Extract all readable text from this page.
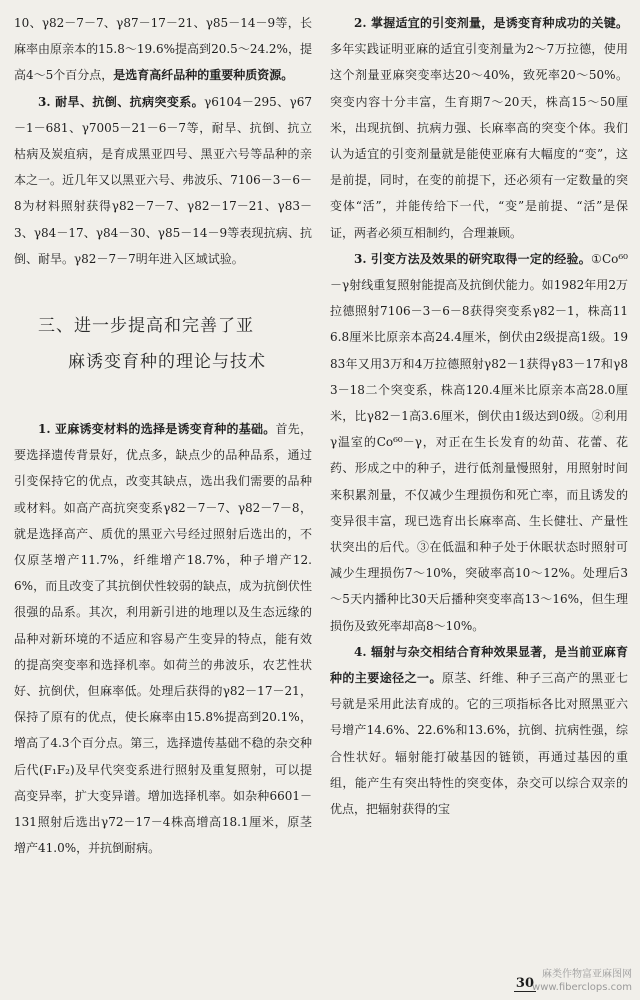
10、γ82－7－7、γ87－17－21、γ85－14－9等，长麻率由原亲本的15.8～19.6%提高到20.5～24.2%，提高4～5个百分点，是选育高纤品种的重要种质资源。

3. 耐旱、抗倒、抗病突变系。γ6104－295、γ67－1－681、γ7005－21－6－7等，耐旱、抗倒、抗立枯病及炭疽病，是育成黑亚四号、黑亚六号等品种的亲本之一。近几年又以黑亚六号、弗波乐、7106－3－6－8为材料照射获得γ82－7－7、γ82－17－21、γ83－3、γ84－17、γ84－30、γ85－14－9等表现抗病、抗倒、耐旱。γ82－7－7明年进入区域试验。

三、进一步提高和完善了亚
麻诱变育种的理论与技术

1. 亚麻诱变材料的选择是诱变育种的基础。首先，要选择遗传背景好，优点多，缺点少的品种品系，通过引变保持它的优点，改变其缺点，选出我们需要的品种或材料。如高产高抗突变系γ82－7－7、γ82－7－8，就是选择高产、质优的黑亚六号经过照射后选出的，不仅原茎增产11.7%，纤维增产18.7%，种子增产12.6%，而且改变了其抗倒伏性较弱的缺点，成为抗倒伏性很强的品系。其次，利用新引进的地理以及生态远缘的品种对新环境的不适应和容易产生变异的特点，能有效的提高突变率和选择机率。如荷兰的弗波乐，农艺性状好、抗倒伏，但麻率低。处理后获得的γ82－17－21，保持了原有的优点，使长麻率由15.8%提高到20.1%，增高了4.3个百分点。第三，选择遗传基础不稳的杂交种后代(F₁F₂)及早代突变系进行照射及重复照射，可以提高变异率，扩大变异谱。增加选择机率。如杂种6601－131照射后选出γ72－17－4株高增高18.1厘米，原茎增产41.0%，并抗倒耐病。

2. 掌握适宜的引变剂量，是诱变育种成功的关键。多年实践证明亚麻的适宜引变剂量为2～7万拉德，使用这个剂量亚麻突变率达20～40%，致死率20～50%。突变内容十分丰富，生育期7～20天，株高15～50厘米，出现抗倒、抗病力强、长麻率高的突变个体。我们认为适宜的引变剂量就是能使亚麻有大幅度的“变”，这是前提，同时，在变的前提下，还必须有一定数量的突变体“活”，并能传给下一代，“变”是前提、“活”是保证，两者必须互相制约，合理兼顾。

3. 引变方法及效果的研究取得一定的经验。①Co⁶⁰－γ射线重复照射能提高及抗倒伏能力。如1982年用2万拉德照射7106－3－6－8获得突变系γ82－1，株高116.8厘米比原亲本高24.4厘米，倒伏由2级提高1级。1983年又用3万和4万拉德照射γ82－1获得γ83－17和γ83－18二个突变系，株高120.4厘米比原亲本高28.0厘米，比γ82－1高3.6厘米，倒伏由1级达到0级。②利用γ温室的Co⁶⁰－γ，对正在生长发育的幼苗、花蕾、花药、形成之中的种子，进行低剂量慢照射，用照射时间来积累剂量，不仅减少生理损伤和死亡率，而且诱发的变异很丰富，现已选育出长麻率高、生长健壮、产量性状突出的后代。③在低温和种子处于休眠状态时照射可减少生理损伤7～10%，突破率高10～12%。处理后3～5天内播种比30天后播种突变率高13～16%，但生理损伤及致死率却高8～10%。

4. 辐射与杂交相结合育种效果显著，是当前亚麻育种的主要途径之一。原茎、纤维、种子三高产的黑亚七号就是采用此法育成的。它的三项指标各比对照黑亚六号增产14.6%、22.6%和13.6%，抗倒、抗病性强，综合性状好。辐射能打破基因的链锁，再通过基因的重组，能产生有突出特性的突变体，杂交可以综合双亲的优点，把辐射获得的宝

30
麻类作物富亚麻图网
www.fiberclops.com
